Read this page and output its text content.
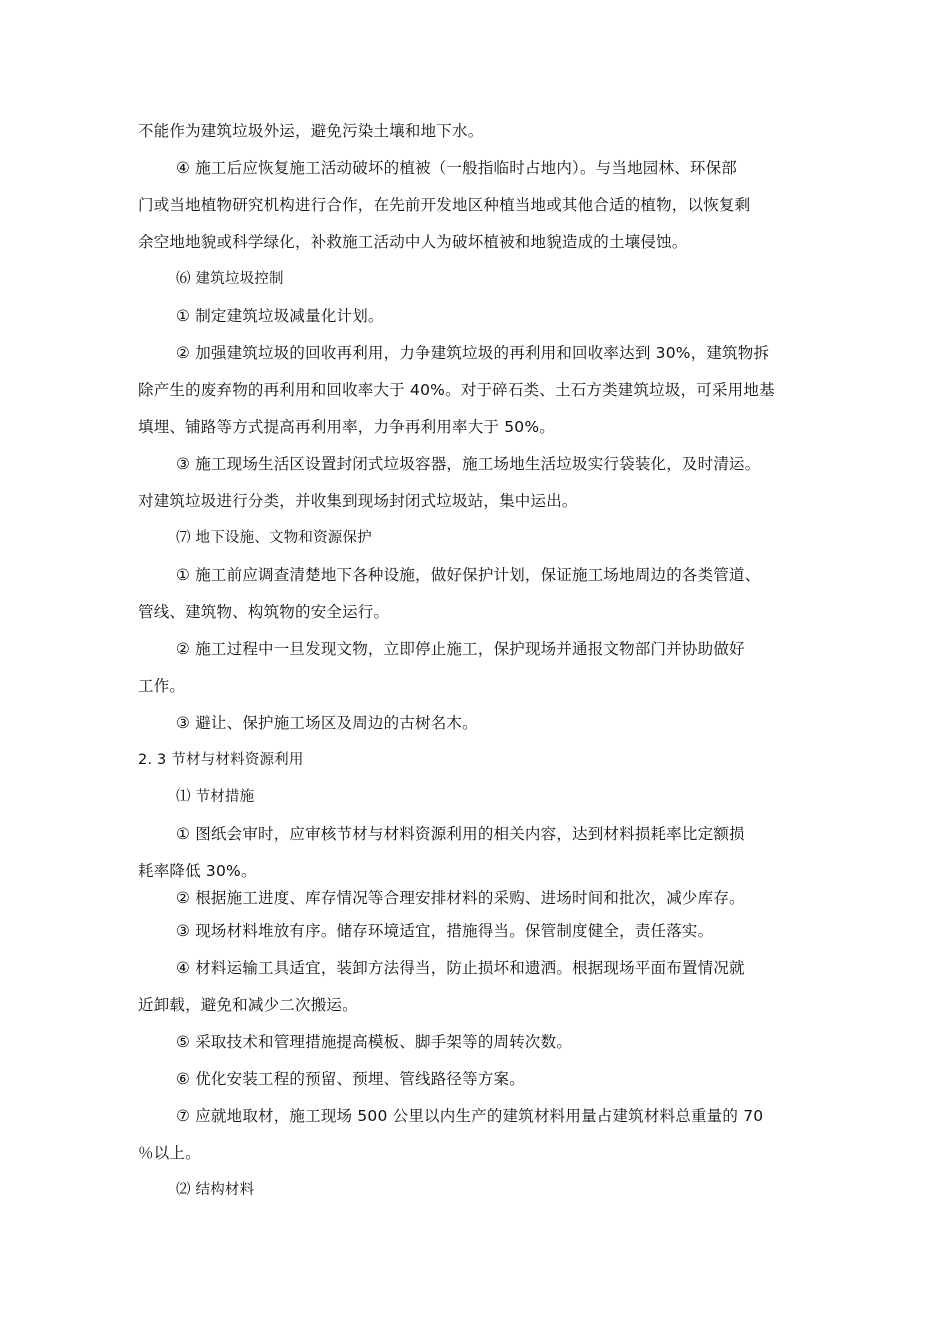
不能作为建筑垃圾外运，避免污染土壤和地下水。
④ 施工后应恢复施工活动破坏的植被（一般指临时占地内）。与当地园林、环保部
门或当地植物研究机构进行合作，在先前开发地区种植当地或其他合适的植物，以恢复剩
余空地地貌或科学绿化，补救施工活动中人为破坏植被和地貌造成的土壤侵蚀。
⑹ 建筑垃圾控制
① 制定建筑垃圾减量化计划。
② 加强建筑垃圾的回收再利用，力争建筑垃圾的再利用和回收率达到 30%，建筑物拆
除产生的废弃物的再利用和回收率大于 40%。对于碎石类、土石方类建筑垃圾，可采用地基
填埋、铺路等方式提高再利用率，力争再利用率大于 50%。
③ 施工现场生活区设置封闭式垃圾容器，施工场地生活垃圾实行袋装化，及时清运。
对建筑垃圾进行分类，并收集到现场封闭式垃圾站，集中运出。
⑺ 地下设施、文物和资源保护
① 施工前应调查清楚地下各种设施，做好保护计划，保证施工场地周边的各类管道、
管线、建筑物、构筑物的安全运行。
② 施工过程中一旦发现文物，立即停止施工，保护现场并通报文物部门并协助做好
工作。
③ 避让、保护施工场区及周边的古树名木。
2. 3 节材与材料资源利用
⑴ 节材措施
① 图纸会审时，应审核节材与材料资源利用的相关内容，达到材料损耗率比定额损
耗率降低 30%。
② 根据施工进度、库存情况等合理安排材料的采购、进场时间和批次，减少库存。
③ 现场材料堆放有序。储存环境适宜，措施得当。保管制度健全，责任落实。
④ 材料运输工具适宜，装卸方法得当，防止损坏和遗洒。根据现场平面布置情况就
近卸载，避免和减少二次搬运。
⑤ 采取技术和管理措施提高模板、脚手架等的周转次数。
⑥ 优化安装工程的预留、预埋、管线路径等方案。
⑦ 应就地取材，施工现场 500 公里以内生产的建筑材料用量占建筑材料总重量的 70
％以上。
⑵ 结构材料
